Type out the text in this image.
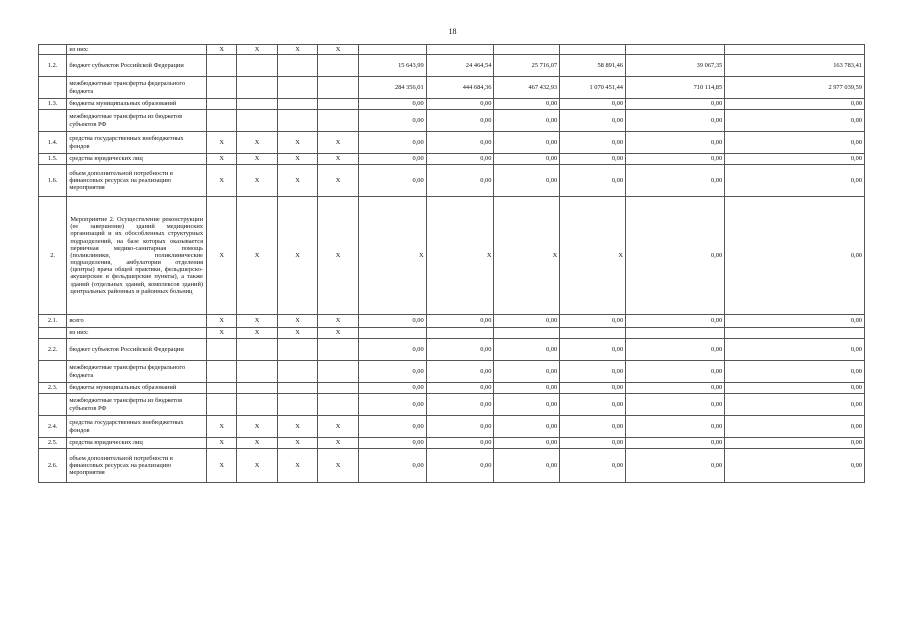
18
	из них:	X	X	X	X						
1.2.	бюджет субъектов Российской Федерации					15 643,99	24 464,54	25 716,07	58 891,46	39 067,35	163 783,41
	межбюджетные трансферты федерального бюджета					284 356,01	444 684,36	467 432,93	1 070 451,44	710 114,85	2 977 039,59
1.3.	бюджеты муниципальных образований					0,00	0,00	0,00	0,00	0,00	0,00
	межбюджетные трансферты из бюджетов субъектов РФ					0,00	0,00	0,00	0,00	0,00	0,00
1.4.	средства государственных внебюджетных фондов	X	X	X	X	0,00	0,00	0,00	0,00	0,00	0,00
1.5.	средства юридических лиц	X	X	X	X	0,00	0,00	0,00	0,00	0,00	0,00
1.6.	объем дополнительной потребности в финансовых ресурсах на реализацию мероприятия	X	X	X	X	0,00	0,00	0,00	0,00	0,00	0,00
2.	Мероприятие 2. Осуществление реконструкции (ее завершение) зданий медицинских организаций и их обособленных структурных подразделений, на базе которых оказывается первичная медико-санитарная помощь (поликлиники, поликлинические подразделения, амбулатории отделения (центры) врача общей практики, фельдшерско-акушерские и фельдшерские пункты), а также зданий (отдельных зданий, комплексов зданий) центральных районных и районных больниц	X	X	X	X	X	X	X	X	0,00	0,00
2.1.	всего	X	X	X	X	0,00	0,00	0,00	0,00	0,00	0,00
	из них:	X	X	X	X						
2.2.	бюджет субъектов Российской Федерации					0,00	0,00	0,00	0,00	0,00	0,00
	межбюджетные трансферты федерального бюджета					0,00	0,00	0,00	0,00	0,00	0,00
2.3.	бюджеты муниципальных образований					0,00	0,00	0,00	0,00	0,00	0,00
	межбюджетные трансферты из бюджетов субъектов РФ					0,00	0,00	0,00	0,00	0,00	0,00
2.4.	средства государственных внебюджетных фондов	X	X	X	X	0,00	0,00	0,00	0,00	0,00	0,00
2.5.	средства юридических лиц	X	X	X	X	0,00	0,00	0,00	0,00	0,00	0,00
2.6.	объем дополнительной потребности в финансовых ресурсах на реализацию мероприятия	X	X	X	X	0,00	0,00	0,00	0,00	0,00	0,00
